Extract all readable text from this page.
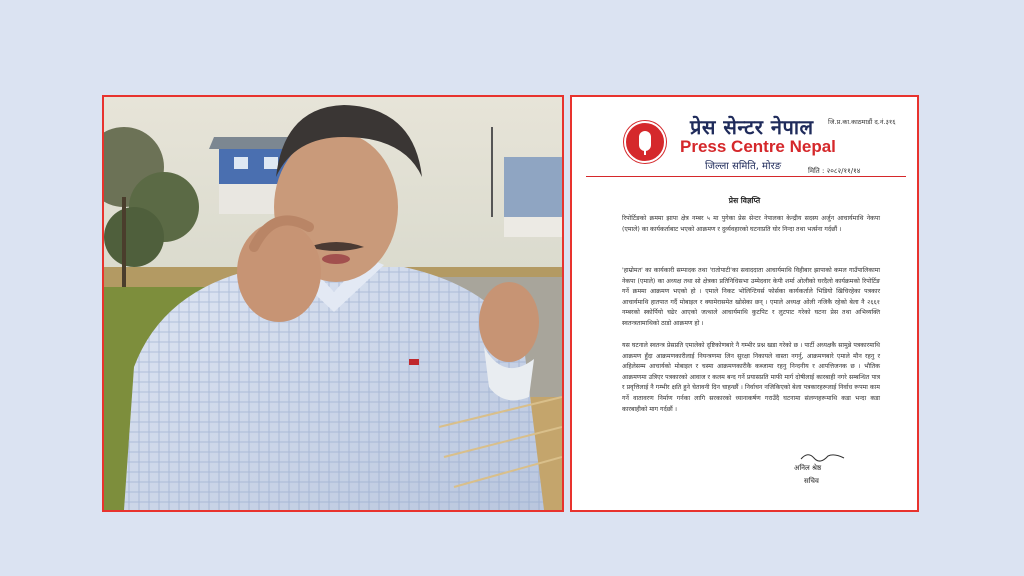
प्रेस सेन्टर नेपाल
Press Centre Nepal
जिल्ला समिति, मोरङ
जि.प्र.का.काठमाडौं द.नं.३१६
मिति : २०८२/११/१४
प्रेस विज्ञप्ति
रिपोर्टिङको क्रममा झापा क्षेत्र नम्बर ५ मा पुगेका प्रेस सेन्टर नेपालका केन्द्रीय सदस्य अर्जुन आचार्यमाथि नेकपा (एमाले) का कार्यकर्ताबाट भएको आक्रमण र दुर्व्यवहारको घटनाप्रति घोर निन्दा तथा भर्त्सना गर्दछौं ।
'हाम्रोमत' का कार्यकारी सम्पादक तथा 'रातोपाटी'का सवाददाता आचार्यमाथि विहीबार झापाको कमल गाउँपालिकामा नेकपा (एमाले) का अध्यक्ष तथा सो क्षेत्रका प्रतिनिधिसभा उम्मेदवार केपी शर्मा ओलीको घरदैलो कार्यक्रमको रिपोर्टिङ गर्ने क्रममा आक्रमण भएको हो । एमाले निकट भोलिन्टियर्स फोर्सका कार्यकर्ताले भिडियो खिचिरहेका पत्रकार आचार्यमाथि हातपात गर्दै मोबाइल र क्यामेरासमेत खोसेका छन् । एमाले अध्यक्ष ओली नजिकै रहेको बेला नै २६६१ नम्बरको स्कोर्पियो चढेर आएको जत्थाले आचार्यमाथि कुटपिट र लुटपाट गरेको घटना प्रेस तथा अभिव्यक्ति स्वतन्त्रतामाथिको ठाडो आक्रमण हो ।
यस घटनाले स्वतन्त्र प्रेसप्रति एमालेको दृष्टिकोणबारे नै गम्भीर प्रश्न खडा गरेको छ । पार्टी अध्यक्षकै सामुन्ने पत्रकारमाथि आक्रमण हुँदा आक्रमणकारीलाई नियन्त्रणमा लिन सुरक्षा निकायले वास्ता नगर्नु, आक्रमणबारे एमाले मौन रहनु र अहिलेसम्म आचार्यको मोबाइल र चस्मा आक्रमणकारीकै कब्जामा रहनु निन्दनीय र आपत्तिजनक छ । भौतिक आक्रमणमा उत्रिएर पत्रकारको आवाज र कलम बन्द गर्ने प्रयासप्रति माफी मार्ग दोषीलाई कारबाही नगरे सम्बन्धित पात्र र प्रवृत्तिलाई नै गम्भीर क्षति हुने चेतावनी दिन चाहन्छौं । निर्वाचन नजिकिएको बेला पत्रकारहरूलाई निर्वाध रूपमा काम गर्ने वातावरण निर्माण गर्नका लागि सरकारको ध्यानाकर्षण गराउँदै घटनामा संलग्नहरूमाथि कडा भन्दा कडा कारबाहीको माग गर्दछौं ।
अनिल श्रेष्ठ
सचिव
